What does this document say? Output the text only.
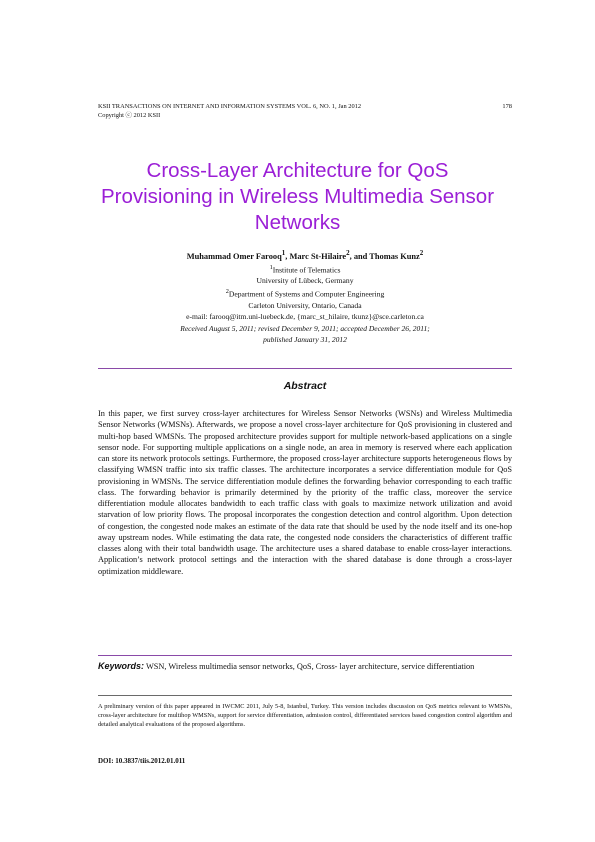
KSII TRANSACTIONS ON INTERNET AND INFORMATION SYSTEMS VOL. 6, NO. 1, Jan 2012
Copyright ⓒ 2012 KSII
178
Cross-Layer Architecture for QoS
Provisioning in Wireless Multimedia Sensor
Networks
Muhammad Omer Farooq$^1$, Marc St-Hilaire$^2$, and Thomas Kunz$^2$
$^1$Institute of Telematics
University of Lübeck, Germany
$^2$Department of Systems and Computer Engineering
Carleton University, Ontario, Canada
e-mail: farooq@itm.uni-luebeck.de, {marc_st_hilaire, tkunz}@sce.carleton.ca
Received August 5, 2011; revised December 9, 2011; accepted December 26, 2011;
published January 31, 2012
Abstract

In this paper, we first survey cross-layer architectures for Wireless Sensor Networks (WSNs) and Wireless Multimedia Sensor Networks (WMSNs). Afterwards, we propose a novel cross-layer architecture for QoS provisioning in clustered and multi-hop based WMSNs. The proposed architecture provides support for multiple network-based applications on a single sensor node. For supporting multiple applications on a single node, an area in memory is reserved where each application can store its network protocols settings. Furthermore, the proposed cross-layer architecture supports heterogeneous flows by classifying WMSN traffic into six traffic classes. The architecture incorporates a service differentiation module for QoS provisioning in WMSNs. The service differentiation module defines the forwarding behavior corresponding to each traffic class. The forwarding behavior is primarily determined by the priority of the traffic class, moreover the service differentiation module allocates bandwidth to each traffic class with goals to maximize network utilization and avoid starvation of low priority flows. The proposal incorporates the congestion detection and control algorithm. Upon detection of congestion, the congested node makes an estimate of the data rate that should be used by the node itself and its one-hop away upstream nodes. While estimating the data rate, the congested node considers the characteristics of different traffic classes along with their total bandwidth usage. The architecture uses a shared database to enable cross-layer interactions. Application’s network protocol settings and the interaction with the shared database is done through a cross-layer optimization middleware.

Keywords: WSN, Wireless multimedia sensor networks, QoS, Cross- layer architecture, service differentiation

A preliminary version of this paper appeared in IWCMC 2011, July 5-8, Istanbul, Turkey. This version includes discussion on QoS metrics relevant to WMSNs, cross-layer architecture for multihop WMSNs, support for service differentiation, admission control, differentiated services based congestion control algorithm and detailed analytical evaluations of the proposed algorithms.

DOI: 10.3837/tiis.2012.01.011
